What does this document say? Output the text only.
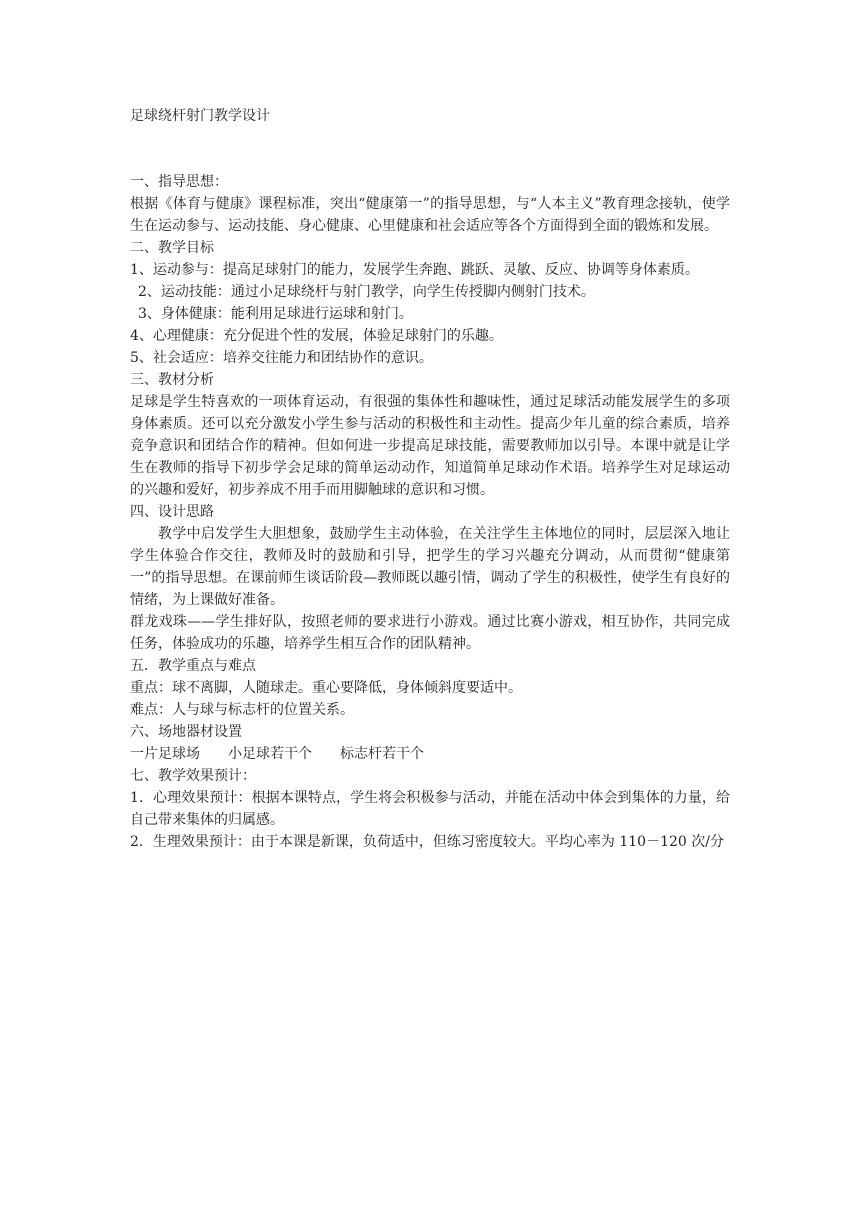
足球绕杆射门教学设计

一、指导思想：

根据《体育与健康》课程标准，突出“健康第一”的指导思想，与“人本主义”教育理念接轨，使学生在运动参与、运动技能、身心健康、心里健康和社会适应等各个方面得到全面的锻炼和发展。

二、教学目标

1、运动参与：提高足球射门的能力，发展学生奔跑、跳跃、灵敏、反应、协调等身体素质。

2、运动技能：通过小足球绕杆与射门教学，向学生传授脚内侧射门技术。

3、身体健康：能利用足球进行运球和射门。

4、心理健康：充分促进个性的发展，体验足球射门的乐趣。

5、社会适应：培养交往能力和团结协作的意识。

三、教材分析

足球是学生特喜欢的一项体育运动，有很强的集体性和趣味性，通过足球活动能发展学生的多项身体素质。还可以充分激发小学生参与活动的积极性和主动性。提高少年儿童的综合素质，培养竞争意识和团结合作的精神。但如何进一步提高足球技能，需要教师加以引导。本课中就是让学生在教师的指导下初步学会足球的简单运动动作，知道简单足球动作术语。培养学生对足球运动的兴趣和爱好，初步养成不用手而用脚触球的意识和习惯。

四、设计思路

教学中启发学生大胆想象，鼓励学生主动体验，在关注学生主体地位的同时，层层深入地让学生体验合作交往，教师及时的鼓励和引导，把学生的学习兴趣充分调动，从而贯彻“健康第一”的指导思想。在课前师生谈话阶段—教师既以趣引情，调动了学生的积极性，使学生有良好的情绪，为上课做好准备。

群龙戏珠——学生排好队，按照老师的要求进行小游戏。通过比赛小游戏，相互协作，共同完成任务，体验成功的乐趣，培养学生相互合作的团队精神。

五．教学重点与难点

重点：球不离脚，人随球走。重心要降低，身体倾斜度要适中。

难点：人与球与标志杆的位置关系。

六、场地器材设置

一片足球场　　小足球若干个　　标志杆若干个

七、教学效果预计：

1．心理效果预计：根据本课特点，学生将会积极参与活动，并能在活动中体会到集体的力量，给自己带来集体的归属感。

2．生理效果预计：由于本课是新课，负荷适中，但练习密度较大。平均心率为 110－120 次/分
